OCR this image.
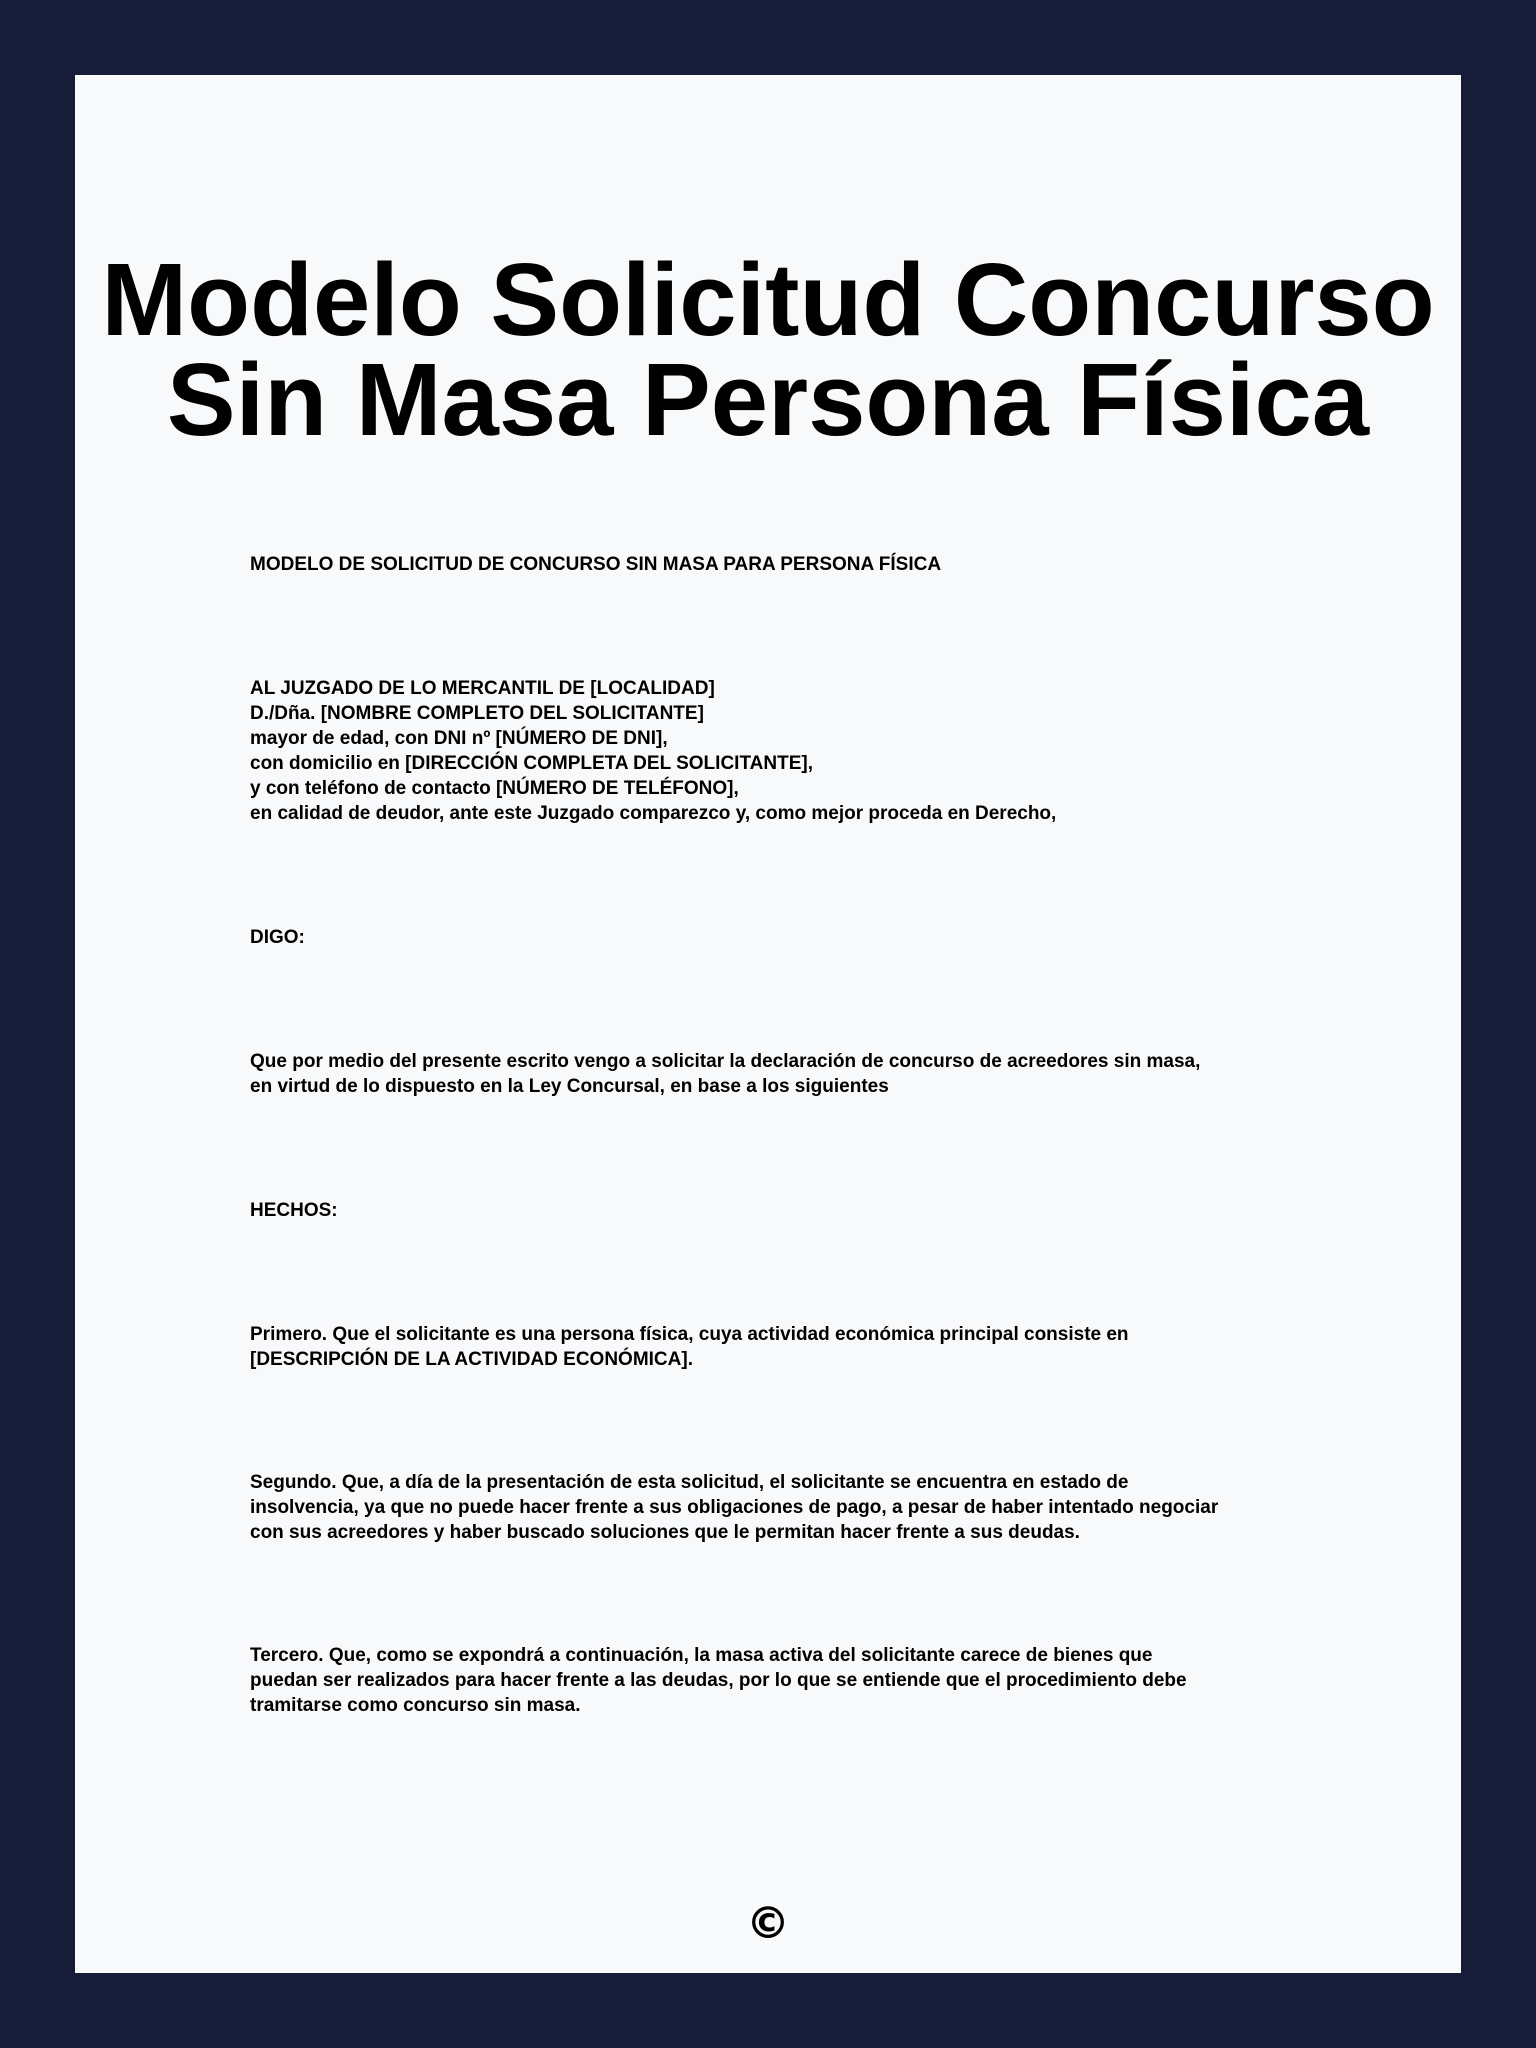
Modelo Solicitud Concurso
Sin Masa Persona Física

MODELO DE SOLICITUD DE CONCURSO SIN MASA PARA PERSONA FÍSICA

AL JUZGADO DE LO MERCANTIL DE [LOCALIDAD]
D./Dña. [NOMBRE COMPLETO DEL SOLICITANTE]
mayor de edad, con DNI nº [NÚMERO DE DNI],
con domicilio en [DIRECCIÓN COMPLETA DEL SOLICITANTE],
y con teléfono de contacto [NÚMERO DE TELÉFONO],
en calidad de deudor, ante este Juzgado comparezco y, como mejor proceda en Derecho,

DIGO:

Que por medio del presente escrito vengo a solicitar la declaración de concurso de acreedores sin masa,
en virtud de lo dispuesto en la Ley Concursal, en base a los siguientes

HECHOS:

Primero. Que el solicitante es una persona física, cuya actividad económica principal consiste en
[DESCRIPCIÓN DE LA ACTIVIDAD ECONÓMICA].

Segundo. Que, a día de la presentación de esta solicitud, el solicitante se encuentra en estado de
insolvencia, ya que no puede hacer frente a sus obligaciones de pago, a pesar de haber intentado negociar
con sus acreedores y haber buscado soluciones que le permitan hacer frente a sus deudas.

Tercero. Que, como se expondrá a continuación, la masa activa del solicitante carece de bienes que
puedan ser realizados para hacer frente a las deudas, por lo que se entiende que el procedimiento debe
tramitarse como concurso sin masa.

©
